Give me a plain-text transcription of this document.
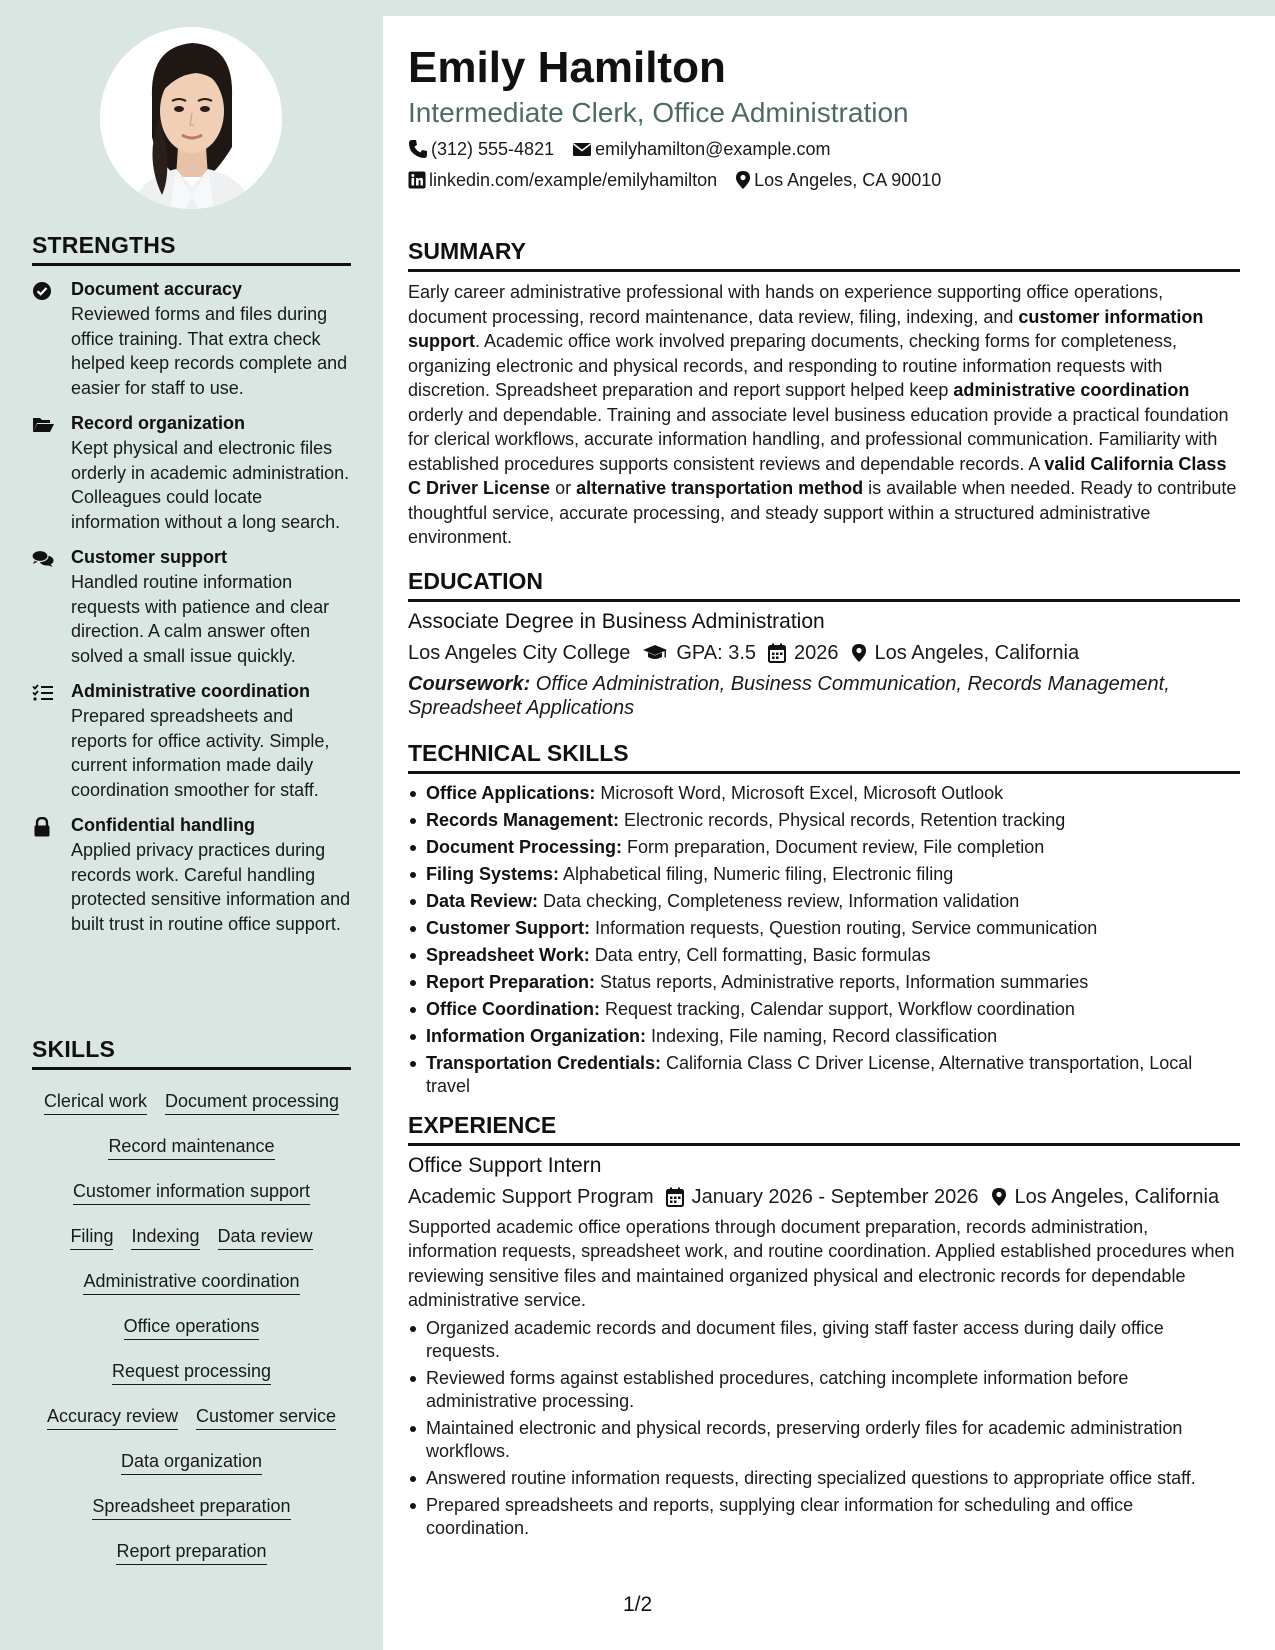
STRENGTHS
Document accuracy
Reviewed forms and files during office training. That extra check helped keep records complete and easier for staff to use.
Record organization
Kept physical and electronic files orderly in academic administration. Colleagues could locate information without a long search.
Customer support
Handled routine information requests with patience and clear direction. A calm answer often solved a small issue quickly.
Administrative coordination
Prepared spreadsheets and reports for office activity. Simple, current information made daily coordination smoother for staff.
Confidential handling
Applied privacy practices during records work. Careful handling protected sensitive information and built trust in routine office support.
SKILLS
Clerical work Document processing
Record maintenance
Customer information support
Filing Indexing Data review
Administrative coordination
Office operations
Request processing
Accuracy review Customer service
Data organization
Spreadsheet preparation
Report preparation
Emily Hamilton
Intermediate Clerk, Office Administration
(312) 555-4821 emilyhamilton@example.com
linkedin.com/example/emilyhamilton Los Angeles, CA 90010
SUMMARY
Early career administrative professional with hands on experience supporting office operations, document processing, record maintenance, data review, filing, indexing, and customer information support. Academic office work involved preparing documents, checking forms for completeness, organizing electronic and physical records, and responding to routine information requests with discretion. Spreadsheet preparation and report support helped keep administrative coordination orderly and dependable. Training and associate level business education provide a practical foundation for clerical workflows, accurate information handling, and professional communication. Familiarity with established procedures supports consistent reviews and dependable records. A valid California Class C Driver License or alternative transportation method is available when needed. Ready to contribute thoughtful service, accurate processing, and steady support within a structured administrative environment.
EDUCATION
Associate Degree in Business Administration
Los Angeles City College GPA: 3.5 2026 Los Angeles, California
Coursework: Office Administration, Business Communication, Records Management, Spreadsheet Applications
TECHNICAL SKILLS
Office Applications: Microsoft Word, Microsoft Excel, Microsoft Outlook
Records Management: Electronic records, Physical records, Retention tracking
Document Processing: Form preparation, Document review, File completion
Filing Systems: Alphabetical filing, Numeric filing, Electronic filing
Data Review: Data checking, Completeness review, Information validation
Customer Support: Information requests, Question routing, Service communication
Spreadsheet Work: Data entry, Cell formatting, Basic formulas
Report Preparation: Status reports, Administrative reports, Information summaries
Office Coordination: Request tracking, Calendar support, Workflow coordination
Information Organization: Indexing, File naming, Record classification
Transportation Credentials: California Class C Driver License, Alternative transportation, Local travel
EXPERIENCE
Office Support Intern
Academic Support Program January 2026 - September 2026 Los Angeles, California
Supported academic office operations through document preparation, records administration, information requests, spreadsheet work, and routine coordination. Applied established procedures when reviewing sensitive files and maintained organized physical and electronic records for dependable administrative service.
Organized academic records and document files, giving staff faster access during daily office requests.
Reviewed forms against established procedures, catching incomplete information before administrative processing.
Maintained electronic and physical records, preserving orderly files for academic administration workflows.
Answered routine information requests, directing specialized questions to appropriate office staff.
Prepared spreadsheets and reports, supplying clear information for scheduling and office coordination.
1/2
